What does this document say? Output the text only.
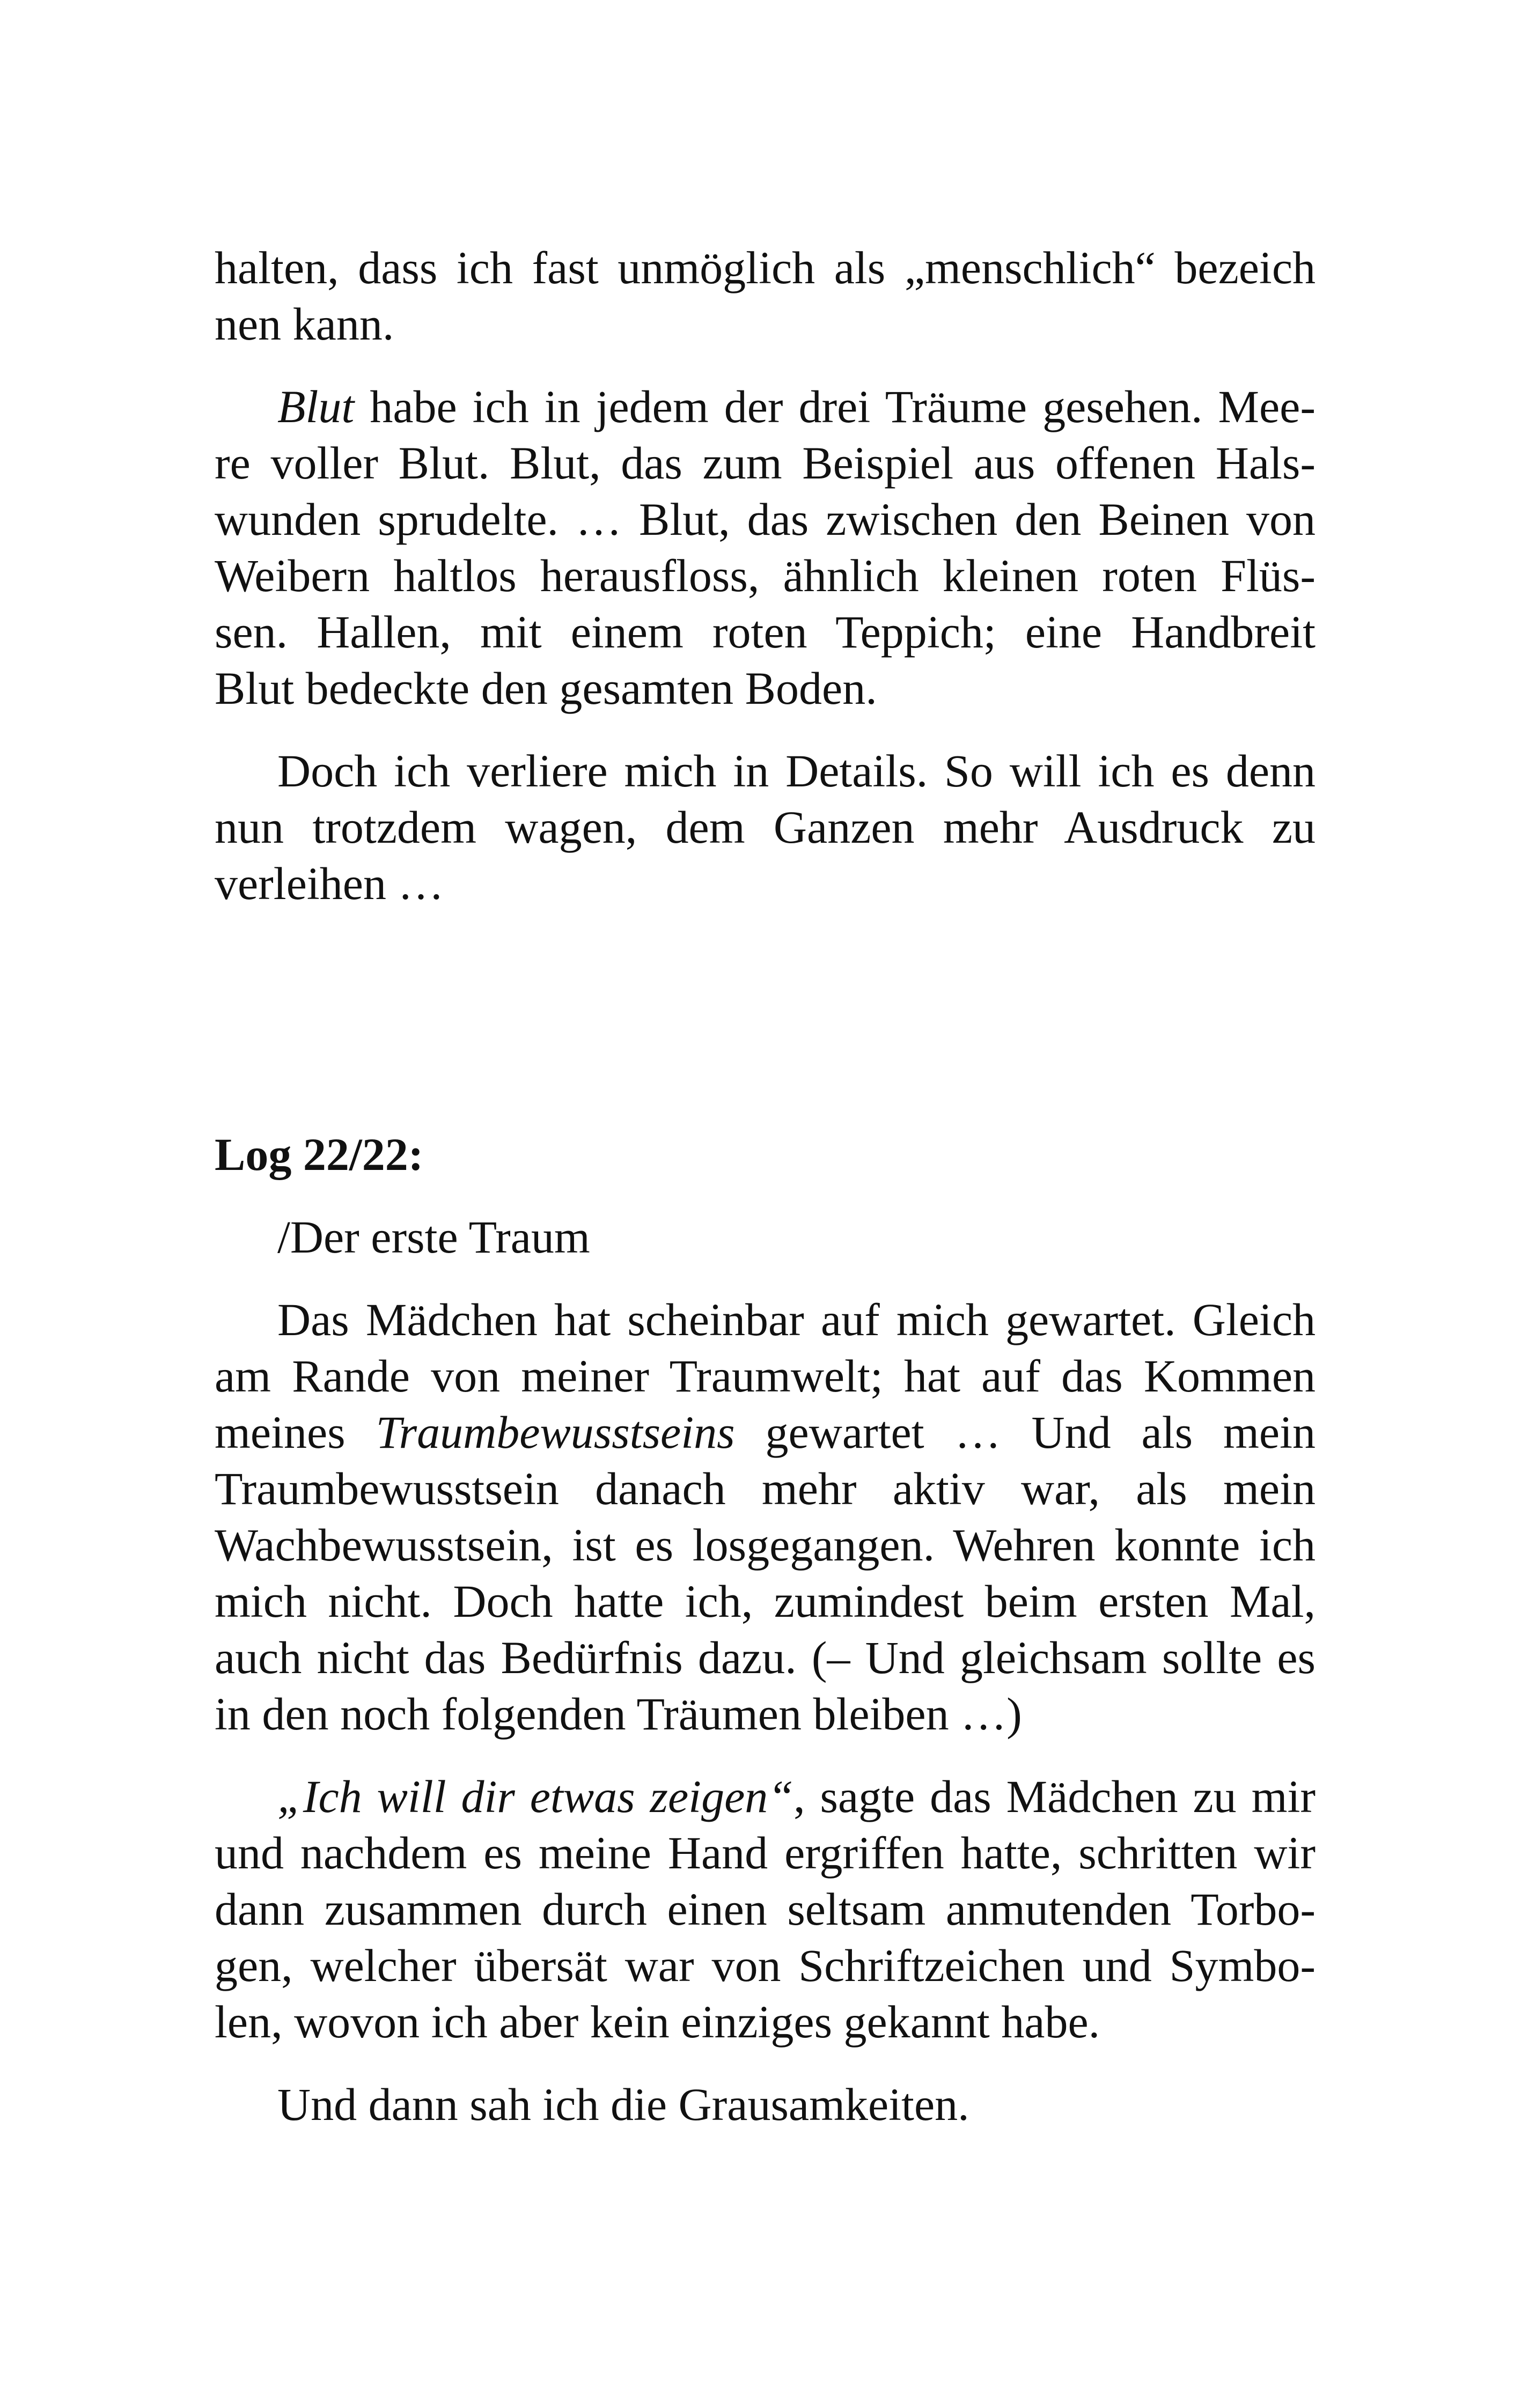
halten, dass ich fast unmöglich als „menschlich“ bezeich
nen kann.
Blut habe ich in jedem der drei Träume gesehen. Mee-
re voller Blut. Blut, das zum Beispiel aus offenen Hals-
wunden sprudelte. … Blut, das zwischen den Beinen von
Weibern haltlos herausfloss, ähnlich kleinen roten Flüs-
sen. Hallen, mit einem roten Teppich; eine Handbreit
Blut bedeckte den gesamten Boden.
Doch ich verliere mich in Details. So will ich es denn
nun trotzdem wagen, dem Ganzen mehr Ausdruck zu
verleihen …
Log 22/22:
/Der erste Traum
Das Mädchen hat scheinbar auf mich gewartet. Gleich
am Rande von meiner Traumwelt; hat auf das Kommen
meines Traumbewusstseins gewartet … Und als mein
Traumbewusstsein danach mehr aktiv war, als mein
Wachbewusstsein, ist es losgegangen. Wehren konnte ich
mich nicht. Doch hatte ich, zumindest beim ersten Mal,
auch nicht das Bedürfnis dazu. (– Und gleichsam sollte es
in den noch folgenden Träumen bleiben …)
„Ich will dir etwas zeigen“, sagte das Mädchen zu mir
und nachdem es meine Hand ergriffen hatte, schritten wir
dann zusammen durch einen seltsam anmutenden Torbo-
gen, welcher übersät war von Schriftzeichen und Symbo-
len, wovon ich aber kein einziges gekannt habe.
Und dann sah ich die Grausamkeiten.
